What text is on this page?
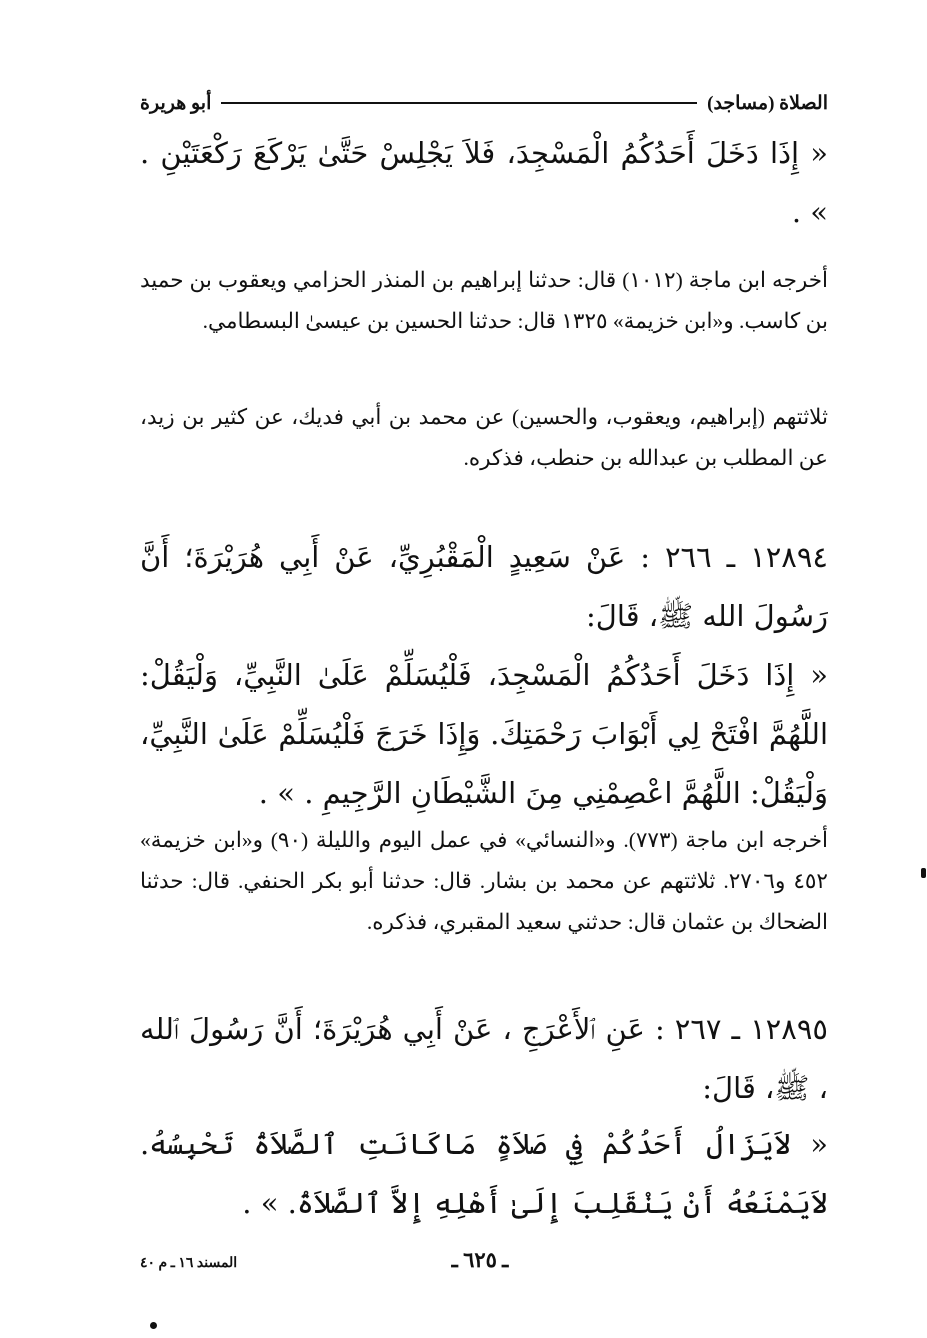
الصلاة (مساجد)
أبو هريرة
« إِذَا دَخَلَ أَحَدُكُمُ الْمَسْجِدَ، فَلاَ يَجْلِسْ حَتَّىٰ يَرْكَعَ رَكْعَتَيْنِ . » .
أخرجه ابن ماجة (١٠١٢) قال: حدثنا إبراهيم بن المنذر الحزامي ويعقوب بن حميد بن كاسب. و«ابن خزيمة» ١٣٢٥ قال: حدثنا الحسين بن عيسىٰ البسطامي.
ثلاثتهم (إبراهيم، ويعقوب، والحسين) عن محمد بن أبي فديك، عن كثير بن زيد، عن المطلب بن عبدالله بن حنطب، فذكره.
١٢٨٩٤ ـ ٢٦٦ : عَنْ سَعِيدٍ الْمَقْبُرِيِّ، عَنْ أَبِي هُرَيْرَةَ؛ أَنَّ رَسُولَ الله ﷺ، قَالَ:
« إِذَا دَخَلَ أَحَدُكُمُ الْمَسْجِدَ، فَلْيُسَلِّمْ عَلَىٰ النَّبِيِّ، وَلْيَقُلْ: اللَّهُمَّ افْتَحْ لِي أَبْوَابَ رَحْمَتِكَ. وَإِذَا خَرَجَ فَلْيُسَلِّمْ عَلَىٰ النَّبِيِّ، وَلْيَقُلْ: اللَّهُمَّ اعْصِمْنِي مِنَ الشَّيْطَانِ الرَّجِيمِ . » .
أخرجه ابن ماجة (٧٧٣). و«النسائي» في عمل اليوم والليلة (٩٠) و«ابن خزيمة» ٤٥٢ و٢٧٠٦. ثلاثتهم عن محمد بن بشار. قال: حدثنا أبو بكر الحنفي. قال: حدثنا الضحاك بن عثمان قال: حدثني سعيد المقبري، فذكره.
١٢٨٩٥ ـ ٢٦٧ : عَنِ ٱلأَعْرَجِ ، عَنْ أَبِي هُرَيْرَةَ؛ أَنَّ رَسُولَ ٱلله ، ﷺ، قَالَ:
« لاَيَزَالُ أَحَدُكُمْ فِي صَلاَةٍ مَاكَانَتِ ٱلصَّلاَةُ تَحْبِسُهُ. لاَيَمْنَعُهُ أَنْ يَنْقَلِبَ إِلَىٰ أَهْلِهِ إِلاَّ ٱلصَّلاَةُ. » .
ـ ٦٢٥ ـ
المسند ١٦ ـ م ٤٠
